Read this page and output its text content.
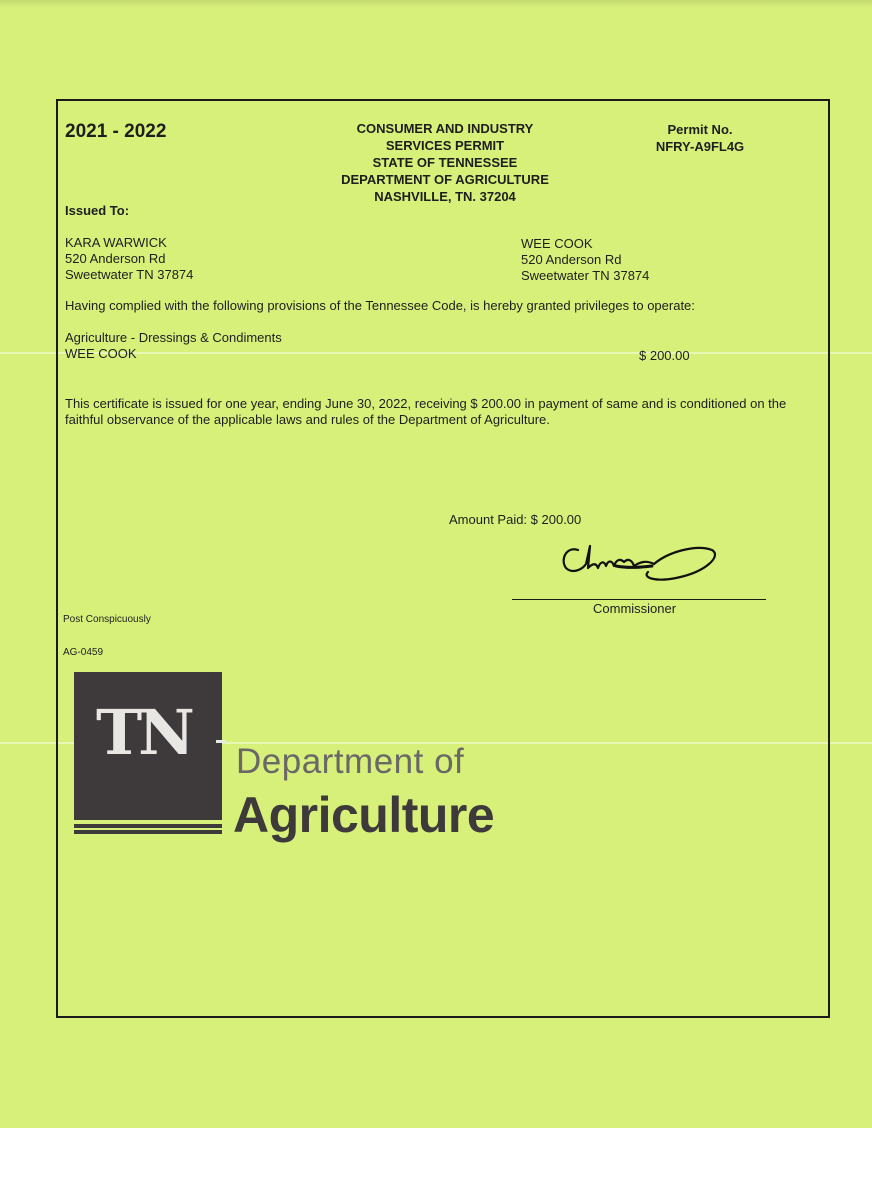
2021 - 2022	CONSUMER AND INDUSTRY
SERVICES PERMIT
STATE OF TENNESSEE
DEPARTMENT OF AGRICULTURE
NASHVILLE, TN. 37204
Permit No.
NFRY-A9FL4G
Issued To:
KARA WARWICK
520 Anderson Rd
Sweetwater TN 37874
WEE COOK
520 Anderson Rd
Sweetwater TN 37874
Having complied with the following provisions of the Tennessee Code, is hereby granted privileges to operate:
Agriculture - Dressings & Condiments
WEE COOK	$ 200.00
This certificate is issued for one year, ending June 30, 2022, receiving $ 200.00 in payment of same and is conditioned on the faithful observance of the applicable laws and rules of the Department of Agriculture.
Amount Paid: $ 200.00
Commissioner
Post Conspicuously
AG-0459
TN Department of
Agriculture
